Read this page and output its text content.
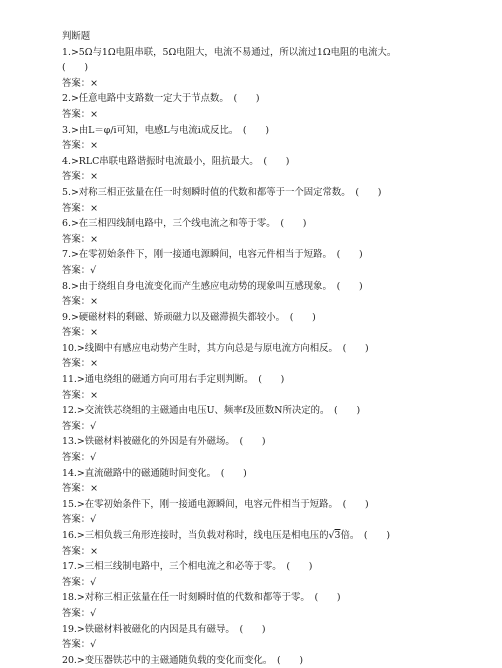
判断题
1.>5Ω与1Ω电阻串联，5Ω电阻大，电流不易通过，所以流过1Ω电阻的电流大。
(　　)
答案：×
2.>任意电路中支路数一定大于节点数。　(　　)
答案：×
3.>由L＝φ/i可知，电感L与电流i成反比。　(　　)
答案：×
4.>RLC串联电路谐振时电流最小，阻抗最大。　(　　)
答案：×
5.>对称三相正弦量在任一时刻瞬时值的代数和都等于一个固定常数。　(　　)
答案：×
6.>在三相四线制电路中，三个线电流之和等于零。　(　　)
答案：×
7.>在零初始条件下，刚一接通电源瞬间，电容元件相当于短路。　(　　)
答案：√
8.>由于绕组自身电流变化而产生感应电动势的现象叫互感现象。　(　　)
答案：×
9.>硬磁材料的剩磁、矫顽磁力以及磁滞损失都较小。　(　　)
答案：×
10.>线圈中有感应电动势产生时，其方向总是与原电流方向相反。　(　　)
答案：×
11.>通电绕组的磁通方向可用右手定则判断。　(　　)
答案：×
12.>交流铁芯绕组的主磁通由电压U、频率f及匝数N所决定的。　(　　)
答案：√
13.>铁磁材料被磁化的外因是有外磁场。　(　　)
答案：√
14.>直流磁路中的磁通随时间变化。　(　　)
答案：×
15.>在零初始条件下，刚一接通电源瞬间，电容元件相当于短路。　(　　)
答案：√
16.>三相负载三角形连接时，当负载对称时，线电压是相电压的√3倍。　(　　)
答案：×
17.>三相三线制电路中，三个相电流之和必等于零。　(　　)
答案：√
18.>对称三相正弦量在任一时刻瞬时值的代数和都等于零。　(　　)
答案：√
19.>铁磁材料被磁化的内因是具有磁导。　(　　)
答案：√
20.>变压器铁芯中的主磁通随负载的变化而变化。　(　　)
